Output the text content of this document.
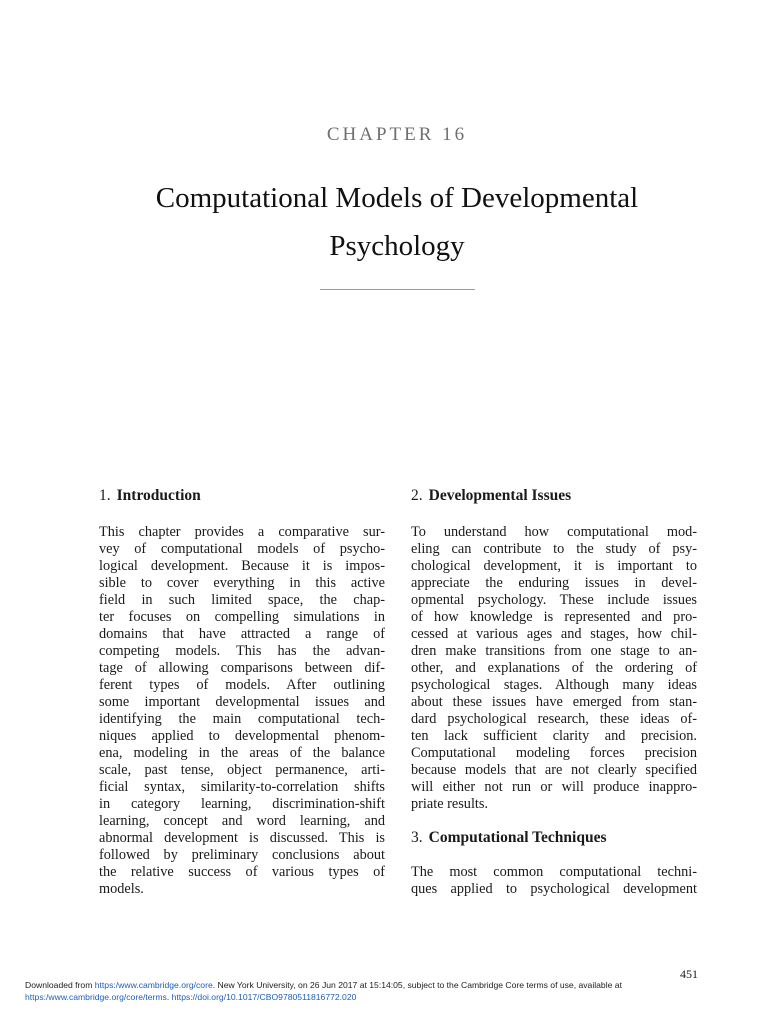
CHAPTER 16
Computational Models of Developmental
Psychology
1. Introduction

This chapter provides a comparative sur-
vey of computational models of psycho-
logical development. Because it is impos-
sible to cover everything in this active
field in such limited space, the chap-
ter focuses on compelling simulations in
domains that have attracted a range of
competing models. This has the advan-
tage of allowing comparisons between dif-
ferent types of models. After outlining
some important developmental issues and
identifying the main computational tech-
niques applied to developmental phenom-
ena, modeling in the areas of the balance
scale, past tense, object permanence, arti-
ficial syntax, similarity-to-correlation shifts
in category learning, discrimination-shift
learning, concept and word learning, and
abnormal development is discussed. This is
followed by preliminary conclusions about
the relative success of various types of
models.

2. Developmental Issues

To understand how computational mod-
eling can contribute to the study of psy-
chological development, it is important to
appreciate the enduring issues in devel-
opmental psychology. These include issues
of how knowledge is represented and pro-
cessed at various ages and stages, how chil-
dren make transitions from one stage to an-
other, and explanations of the ordering of
psychological stages. Although many ideas
about these issues have emerged from stan-
dard psychological research, these ideas of-
ten lack sufficient clarity and precision.
Computational modeling forces precision
because models that are not clearly specified
will either not run or will produce inappro-
priate results.

3. Computational Techniques

The most common computational techni-
ques applied to psychological development

451
Downloaded from https:/www.cambridge.org/core. New York University, on 26 Jun 2017 at 15:14:05, subject to the Cambridge Core terms of use, available at
https:/www.cambridge.org/core/terms. https://doi.org/10.1017/CBO9780511816772.020
